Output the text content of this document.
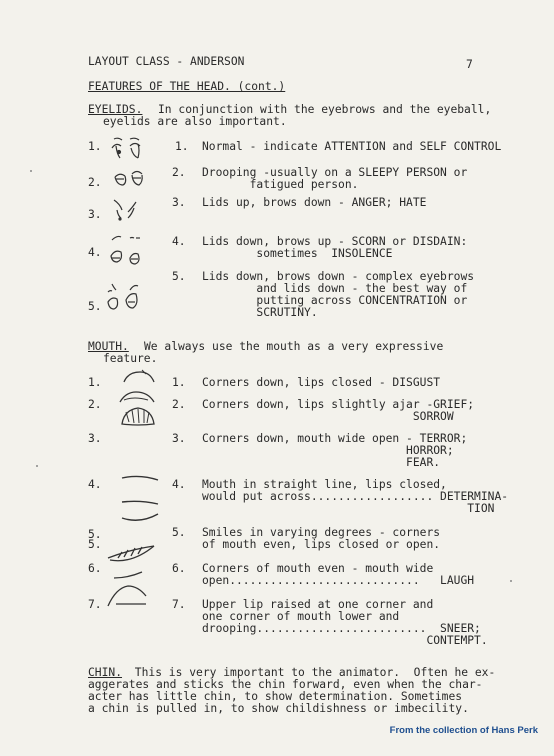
LAYOUT CLASS - ANDERSON	7
FEATURES OF THE HEAD. (cont.)
EYELIDS. In conjunction with the eyebrows and the eyeball,
eyelids are also important.
1.	1. Normal - indicate ATTENTION and SELF CONTROL
2.
2. Drooping -usually on a SLEEPY PERSON or
fatigued person.
3.
3. Lids up, brows down - ANGER; HATE
4.
4. Lids down, brows up - SCORN or DISDAIN:
sometimes  INSOLENCE
5.
5. Lids down, brows down - complex eyebrows
and lids down - the best way of
putting across CONCENTRATION or
SCRUTINY.
MOUTH. We always use the mouth as a very expressive
feature.
1.	1. Corners down, lips closed - DISGUST
2.	2. Corners down, lips slightly ajar -GRIEF;
SORROW
3.	3. Corners down, mouth wide open - TERROR;
HORROR;
FEAR.
4.	4. Mouth in straight line, lips closed,
would put across.................. DETERMINA-
TION
5.
5.
5. Smiles in varying degrees - corners
of mouth even, lips closed or open.
6.	6. Corners of mouth even - mouth wide
open............................   LAUGH
7.	7. Upper lip raised at one corner and
one corner of mouth lower and
drooping.........................  SNEER;
CONTEMPT.
CHIN. This is very important to the animator.  Often he ex-
aggerates and sticks the chin forward, even when the char-
acter has little chin, to show determination. Sometimes
a chin is pulled in, to show childishness or imbecility.
From the collection of Hans Perk
